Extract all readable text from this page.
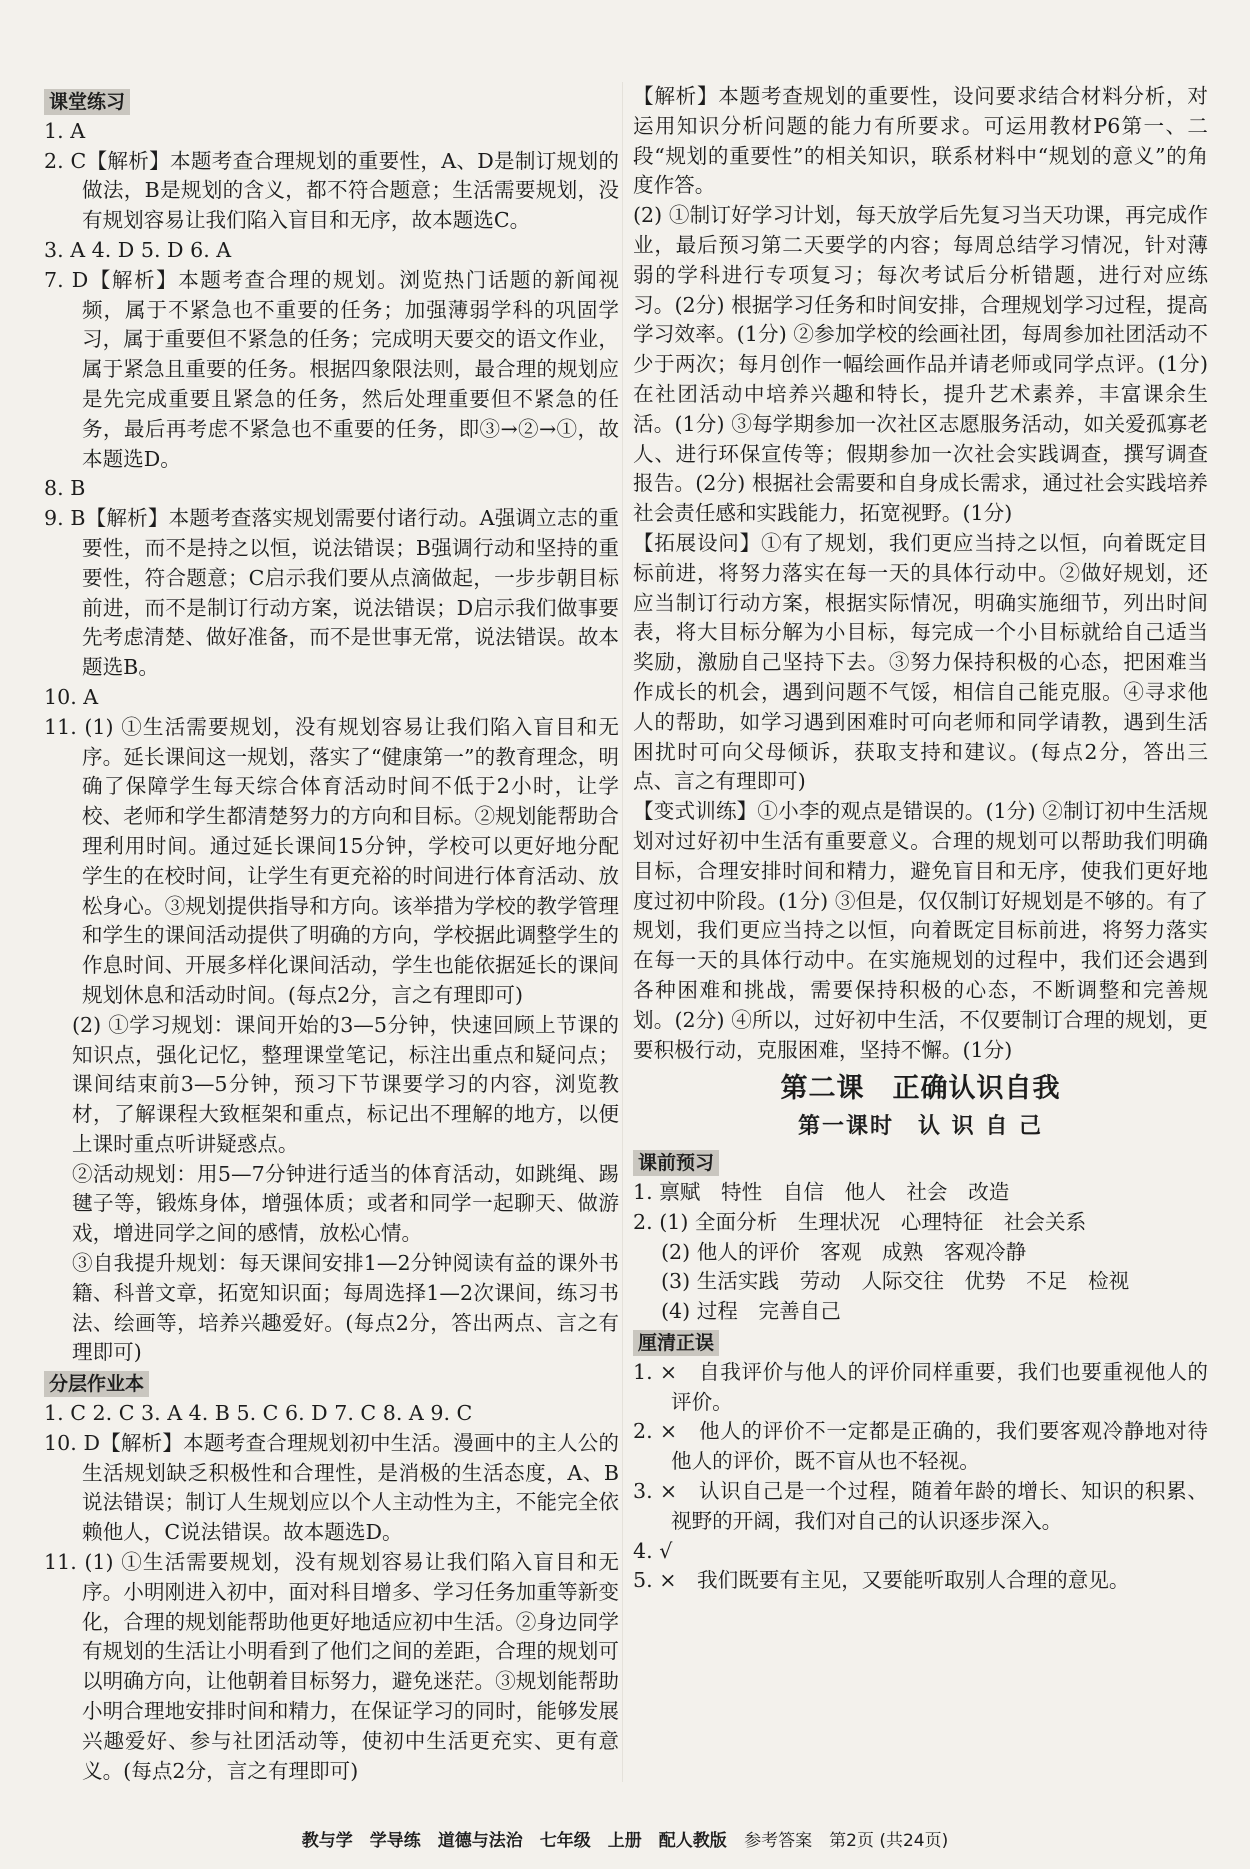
课堂练习

1. A

2. C【解析】本题考查合理规划的重要性，A、D是制订规划的做法，B是规划的含义，都不符合题意；生活需要规划，没有规划容易让我们陷入盲目和无序，故本题选C。

3. A 4. D 5. D 6. A

7. D【解析】本题考查合理的规划。浏览热门话题的新闻视频，属于不紧急也不重要的任务；加强薄弱学科的巩固学习，属于重要但不紧急的任务；完成明天要交的语文作业，属于紧急且重要的任务。根据四象限法则，最合理的规划应是先完成重要且紧急的任务，然后处理重要但不紧急的任务，最后再考虑不紧急也不重要的任务，即③→②→①，故本题选D。

8. B

9. B【解析】本题考查落实规划需要付诸行动。A强调立志的重要性，而不是持之以恒，说法错误；B强调行动和坚持的重要性，符合题意；C启示我们要从点滴做起，一步步朝目标前进，而不是制订行动方案，说法错误；D启示我们做事要先考虑清楚、做好准备，而不是世事无常，说法错误。故本题选B。

10. A

11. (1) ①生活需要规划，没有规划容易让我们陷入盲目和无序。延长课间这一规划，落实了“健康第一”的教育理念，明确了保障学生每天综合体育活动时间不低于2小时，让学校、老师和学生都清楚努力的方向和目标。②规划能帮助合理利用时间。通过延长课间15分钟，学校可以更好地分配学生的在校时间，让学生有更充裕的时间进行体育活动、放松身心。③规划提供指导和方向。该举措为学校的教学管理和学生的课间活动提供了明确的方向，学校据此调整学生的作息时间、开展多样化课间活动，学生也能依据延长的课间规划休息和活动时间。(每点2分，言之有理即可)

(2) ①学习规划：课间开始的3—5分钟，快速回顾上节课的知识点，强化记忆，整理课堂笔记，标注出重点和疑问点；课间结束前3—5分钟，预习下节课要学习的内容，浏览教材，了解课程大致框架和重点，标记出不理解的地方，以便上课时重点听讲疑惑点。

②活动规划：用5—7分钟进行适当的体育活动，如跳绳、踢毽子等，锻炼身体，增强体质；或者和同学一起聊天、做游戏，增进同学之间的感情，放松心情。

③自我提升规划：每天课间安排1—2分钟阅读有益的课外书籍、科普文章，拓宽知识面；每周选择1—2次课间，练习书法、绘画等，培养兴趣爱好。(每点2分，答出两点、言之有理即可)

分层作业本

1. C 2. C 3. A 4. B 5. C 6. D 7. C 8. A 9. C

10. D【解析】本题考查合理规划初中生活。漫画中的主人公的生活规划缺乏积极性和合理性，是消极的生活态度，A、B说法错误；制订人生规划应以个人主动性为主，不能完全依赖他人，C说法错误。故本题选D。

11. (1) ①生活需要规划，没有规划容易让我们陷入盲目和无序。小明刚进入初中，面对科目增多、学习任务加重等新变化，合理的规划能帮助他更好地适应初中生活。②身边同学有规划的生活让小明看到了他们之间的差距，合理的规划可以明确方向，让他朝着目标努力，避免迷茫。③规划能帮助小明合理地安排时间和精力，在保证学习的同时，能够发展兴趣爱好、参与社团活动等，使初中生活更充实、更有意义。(每点2分，言之有理即可)

【解析】本题考查规划的重要性，设问要求结合材料分析，对运用知识分析问题的能力有所要求。可运用教材P6第一、二段“规划的重要性”的相关知识，联系材料中“规划的意义”的角度作答。

(2) ①制订好学习计划，每天放学后先复习当天功课，再完成作业，最后预习第二天要学的内容；每周总结学习情况，针对薄弱的学科进行专项复习；每次考试后分析错题，进行对应练习。(2分) 根据学习任务和时间安排，合理规划学习过程，提高学习效率。(1分) ②参加学校的绘画社团，每周参加社团活动不少于两次；每月创作一幅绘画作品并请老师或同学点评。(1分) 在社团活动中培养兴趣和特长，提升艺术素养，丰富课余生活。(1分) ③每学期参加一次社区志愿服务活动，如关爱孤寡老人、进行环保宣传等；假期参加一次社会实践调查，撰写调查报告。(2分) 根据社会需要和自身成长需求，通过社会实践培养社会责任感和实践能力，拓宽视野。(1分)

【拓展设问】①有了规划，我们更应当持之以恒，向着既定目标前进，将努力落实在每一天的具体行动中。②做好规划，还应当制订行动方案，根据实际情况，明确实施细节，列出时间表，将大目标分解为小目标，每完成一个小目标就给自己适当奖励，激励自己坚持下去。③努力保持积极的心态，把困难当作成长的机会，遇到问题不气馁，相信自己能克服。④寻求他人的帮助，如学习遇到困难时可向老师和同学请教，遇到生活困扰时可向父母倾诉，获取支持和建议。(每点2分，答出三点、言之有理即可)

【变式训练】①小李的观点是错误的。(1分) ②制订初中生活规划对过好初中生活有重要意义。合理的规划可以帮助我们明确目标，合理安排时间和精力，避免盲目和无序，使我们更好地度过初中阶段。(1分) ③但是，仅仅制订好规划是不够的。有了规划，我们更应当持之以恒，向着既定目标前进，将努力落实在每一天的具体行动中。在实施规划的过程中，我们还会遇到各种困难和挑战，需要保持积极的心态，不断调整和完善规划。(2分) ④所以，过好初中生活，不仅要制订合理的规划，更要积极行动，克服困难，坚持不懈。(1分)

第二课　正确认识自我
第一课时　认 识 自 己
课前预习

1. 禀赋　特性　自信　他人　社会　改造

2. (1) 全面分析　生理状况　心理特征　社会关系

(2) 他人的评价　客观　成熟　客观冷静

(3) 生活实践　劳动　人际交往　优势　不足　检视

(4) 过程　完善自己

厘清正误

1. ×　自我评价与他人的评价同样重要，我们也要重视他人的评价。

2. ×　他人的评价不一定都是正确的，我们要客观冷静地对待他人的评价，既不盲从也不轻视。

3. ×　认识自己是一个过程，随着年龄的增长、知识的积累、视野的开阔，我们对自己的认识逐步深入。

4. √

5. ×　我们既要有主见，又要能听取别人合理的意见。

教与学　学导练　道德与法治　七年级　上册　配人教版 参考答案　第2页 (共24页)
